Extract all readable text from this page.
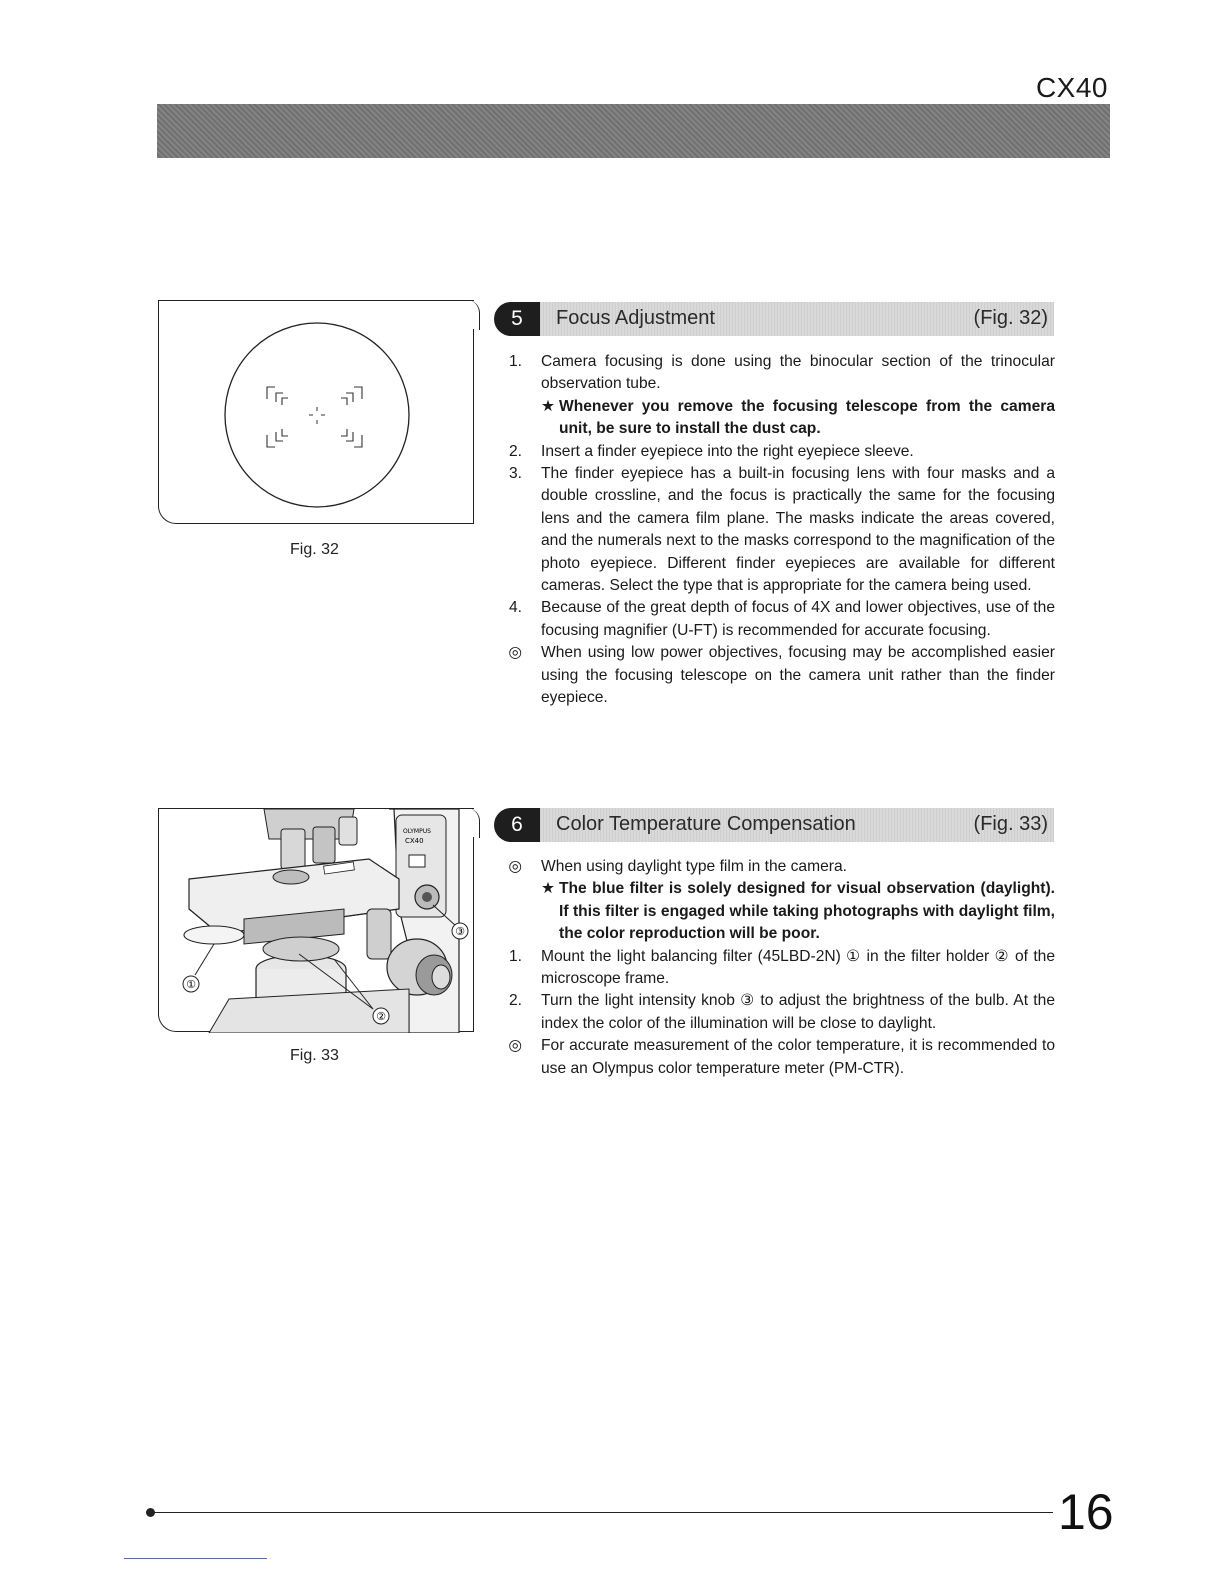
CX40
Fig. 32
5	Focus Adjustment	(Fig. 32)
1.	Camera focusing is done using the binocular section of the trinocular observation tube.
★ Whenever you remove the focusing telescope from the camera unit, be sure to install the dust cap.
2.	Insert a finder eyepiece into the right eyepiece sleeve.
3.	The finder eyepiece has a built-in focusing lens with four masks and a double crossline, and the focus is practically the same for the focusing lens and the camera film plane. The masks indicate the areas covered, and the numerals next to the masks correspond to the magnification of the photo eyepiece. Different finder eyepieces are available for different cameras. Select the type that is appropriate for the camera being used.
4.	Because of the great depth of focus of 4X and lower objectives, use of the focusing magnifier (U-FT) is recommended for accurate focusing.
◎	When using low power objectives, focusing may be accomplished easier using the focusing telescope on the camera unit rather than the finder eyepiece.
OLYMPUS
CX40
①
②
③
Fig. 33
6	Color Temperature Compensation	(Fig. 33)
◎	When using daylight type film in the camera.
★ The blue filter is solely designed for visual observation (daylight). If this filter is engaged while taking photographs with daylight film, the color reproduction will be poor.
1.	Mount the light balancing filter (45LBD-2N) ① in the filter holder ② of the microscope frame.
2.	Turn the light intensity knob ③ to adjust the brightness of the bulb. At the index the color of the illumination will be close to daylight.
◎	For accurate measurement of the color temperature, it is recommended to use an Olympus color temperature meter (PM-CTR).
16
